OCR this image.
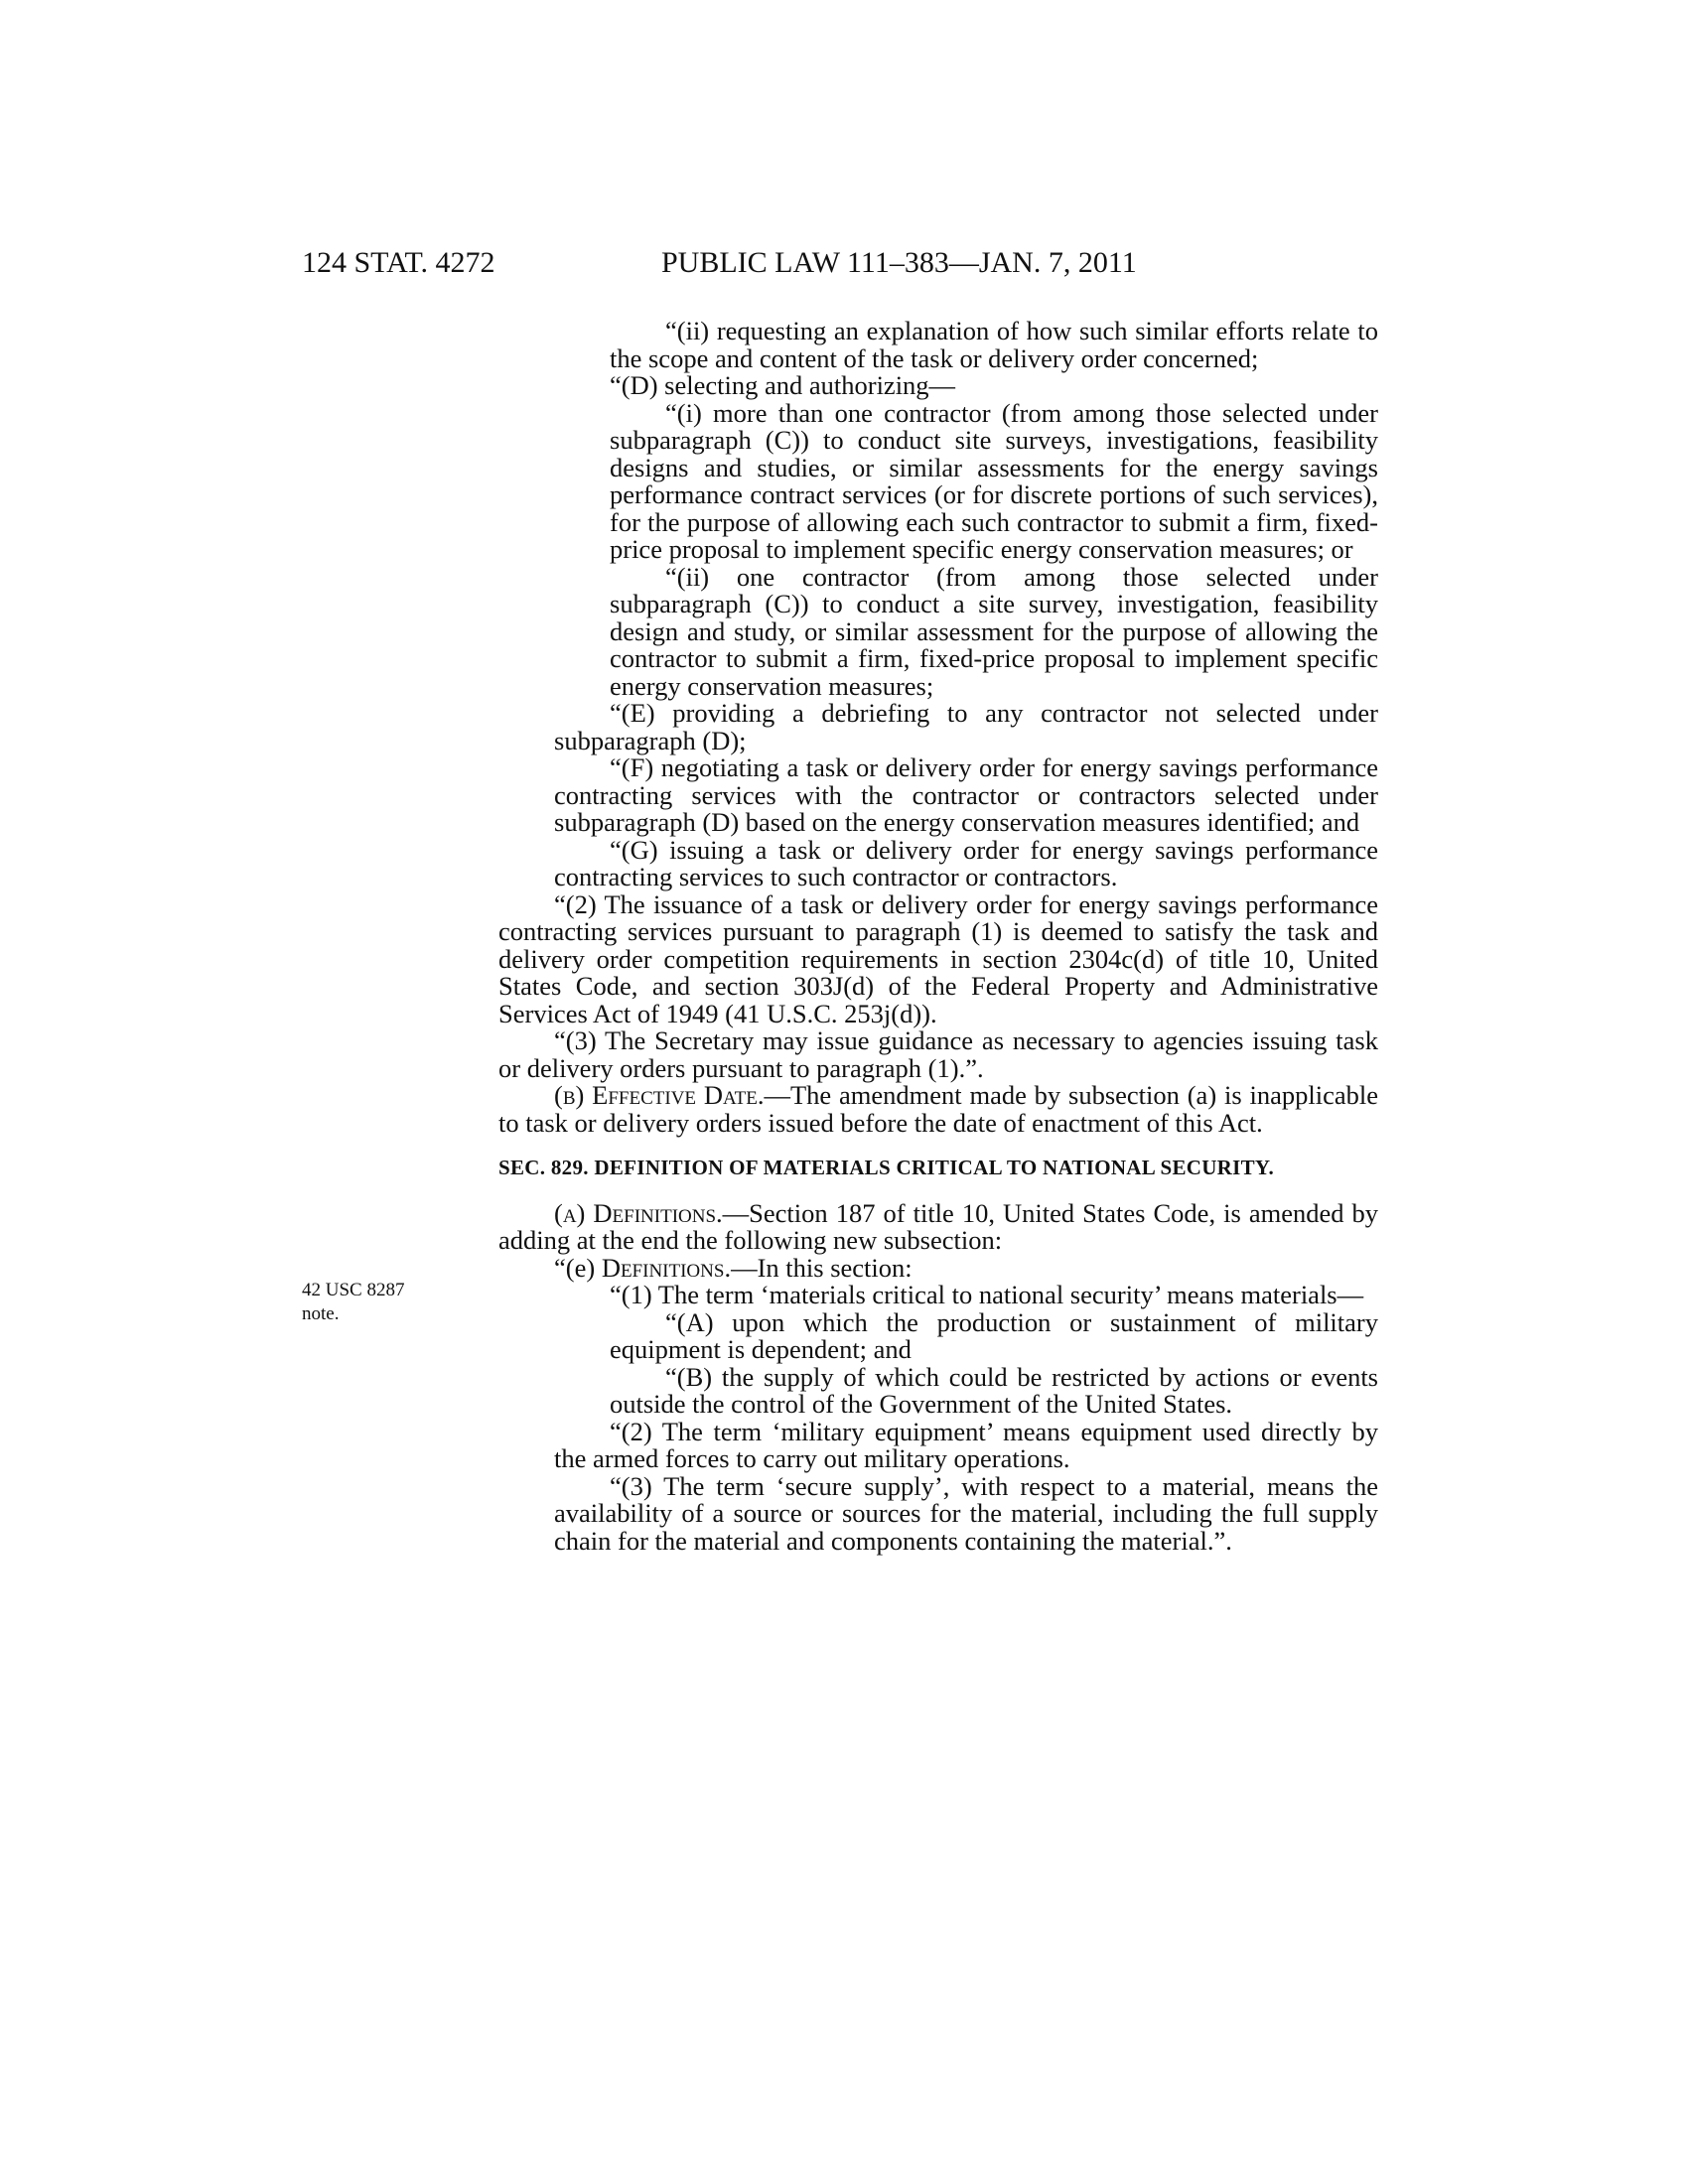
124 STAT. 4272	PUBLIC LAW 111–383—JAN. 7, 2011
42 USC 8287
note.

“(ii) requesting an explanation of how such similar efforts relate to the scope and content of the task or delivery order concerned;

“(D) selecting and authorizing—

“(i) more than one contractor (from among those selected under subparagraph (C)) to conduct site surveys, investigations, feasibility designs and studies, or similar assessments for the energy savings performance contract services (or for discrete portions of such services), for the purpose of allowing each such contractor to submit a firm, fixed-price proposal to implement specific energy conservation measures; or

“(ii) one contractor (from among those selected under subparagraph (C)) to conduct a site survey, investigation, feasibility design and study, or similar assessment for the purpose of allowing the contractor to submit a firm, fixed-price proposal to implement specific energy conservation measures;

“(E) providing a debriefing to any contractor not selected under subparagraph (D);

“(F) negotiating a task or delivery order for energy savings performance contracting services with the contractor or contractors selected under subparagraph (D) based on the energy conservation measures identified; and

“(G) issuing a task or delivery order for energy savings performance contracting services to such contractor or contractors.

“(2) The issuance of a task or delivery order for energy savings performance contracting services pursuant to paragraph (1) is deemed to satisfy the task and delivery order competition requirements in section 2304c(d) of title 10, United States Code, and section 303J(d) of the Federal Property and Administrative Services Act of 1949 (41 U.S.C. 253j(d)).

“(3) The Secretary may issue guidance as necessary to agencies issuing task or delivery orders pursuant to paragraph (1).”.

(b) Effective Date.—The amendment made by subsection (a) is inapplicable to task or delivery orders issued before the date of enactment of this Act.

SEC. 829. DEFINITION OF MATERIALS CRITICAL TO NATIONAL SECURITY.

(a) Definitions.—Section 187 of title 10, United States Code, is amended by adding at the end the following new subsection:

“(e) Definitions.—In this section:

“(1) The term ‘materials critical to national security’ means materials—

“(A) upon which the production or sustainment of military equipment is dependent; and

“(B) the supply of which could be restricted by actions or events outside the control of the Government of the United States.

“(2) The term ‘military equipment’ means equipment used directly by the armed forces to carry out military operations.

“(3) The term ‘secure supply’, with respect to a material, means the availability of a source or sources for the material, including the full supply chain for the material and components containing the material.”.
